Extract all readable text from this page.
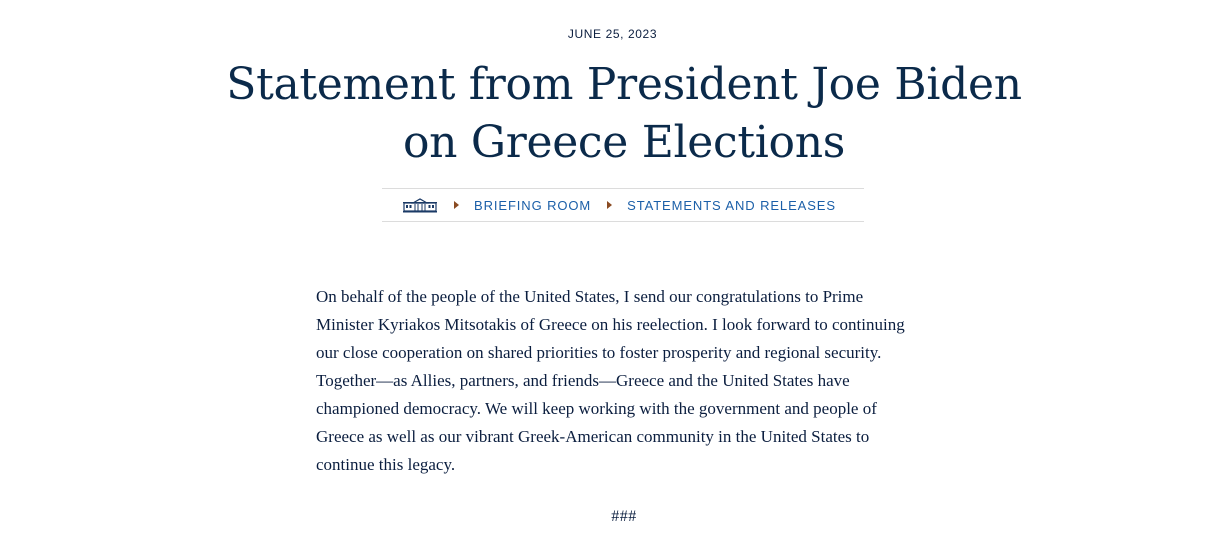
JUNE 25, 2023
Statement from President Joe Biden on Greece Elections
BRIEFING ROOM	STATEMENTS AND RELEASES

On behalf of the people of the United States, I send our congratulations to Prime Minister Kyriakos Mitsotakis of Greece on his reelection. I look forward to continuing our close cooperation on shared priorities to foster prosperity and regional security. Together—as Allies, partners, and friends—Greece and the United States have championed democracy. We will keep working with the government and people of Greece as well as our vibrant Greek-American community in the United States to continue this legacy.

###
